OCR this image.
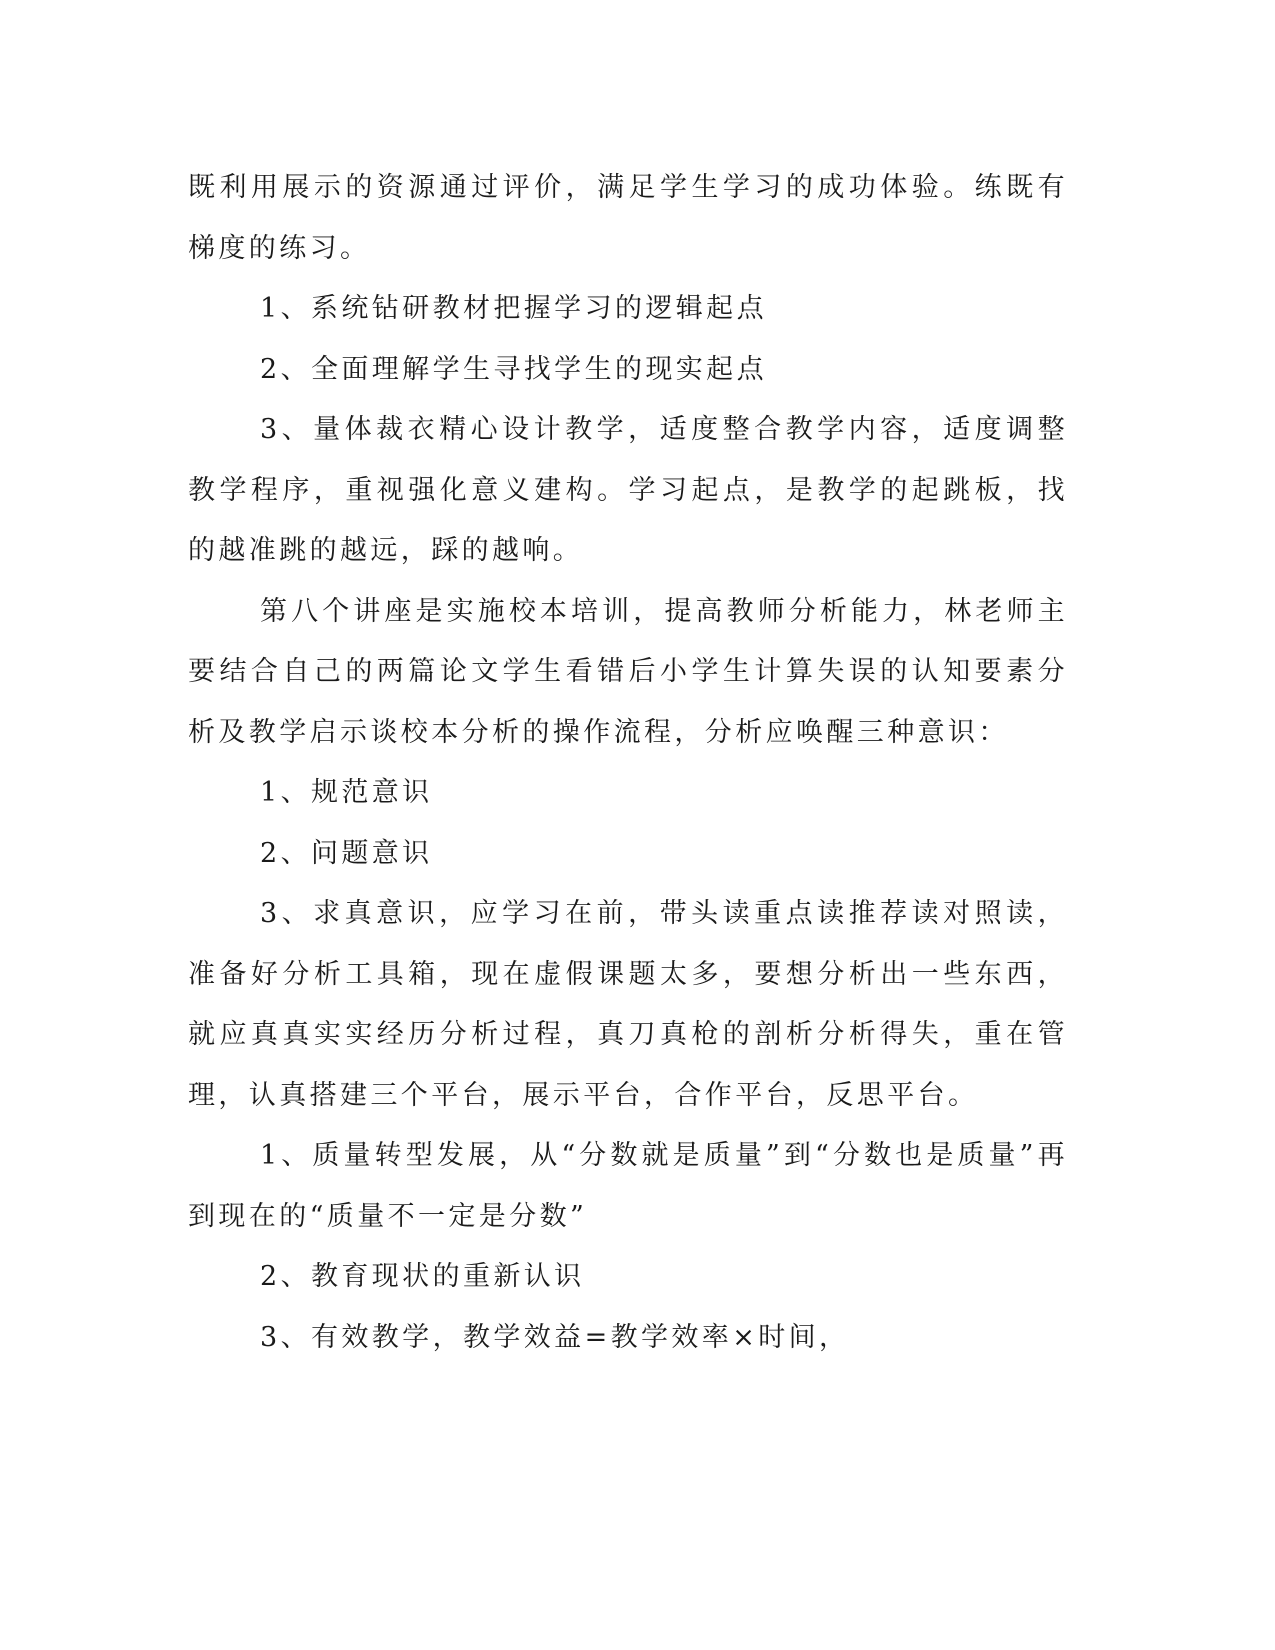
既利用展示的资源通过评价，满足学生学习的成功体验。练既有梯度的练习。

1、系统钻研教材把握学习的逻辑起点

2、全面理解学生寻找学生的现实起点

3、量体裁衣精心设计教学，适度整合教学内容，适度调整教学程序，重视强化意义建构。学习起点，是教学的起跳板，找的越准跳的越远，踩的越响。

第八个讲座是实施校本培训，提高教师分析能力，林老师主要结合自己的两篇论文学生看错后小学生计算失误的认知要素分析及教学启示谈校本分析的操作流程，分析应唤醒三种意识：

1、规范意识

2、问题意识

3、求真意识，应学习在前，带头读重点读推荐读对照读，准备好分析工具箱，现在虚假课题太多，要想分析出一些东西，就应真真实实经历分析过程，真刀真枪的剖析分析得失，重在管理，认真搭建三个平台，展示平台，合作平台，反思平台。

1、质量转型发展，从“分数就是质量”到“分数也是质量”再到现在的“质量不一定是分数”

2、教育现状的重新认识

3、有效教学，教学效益=教学效率×时间，
